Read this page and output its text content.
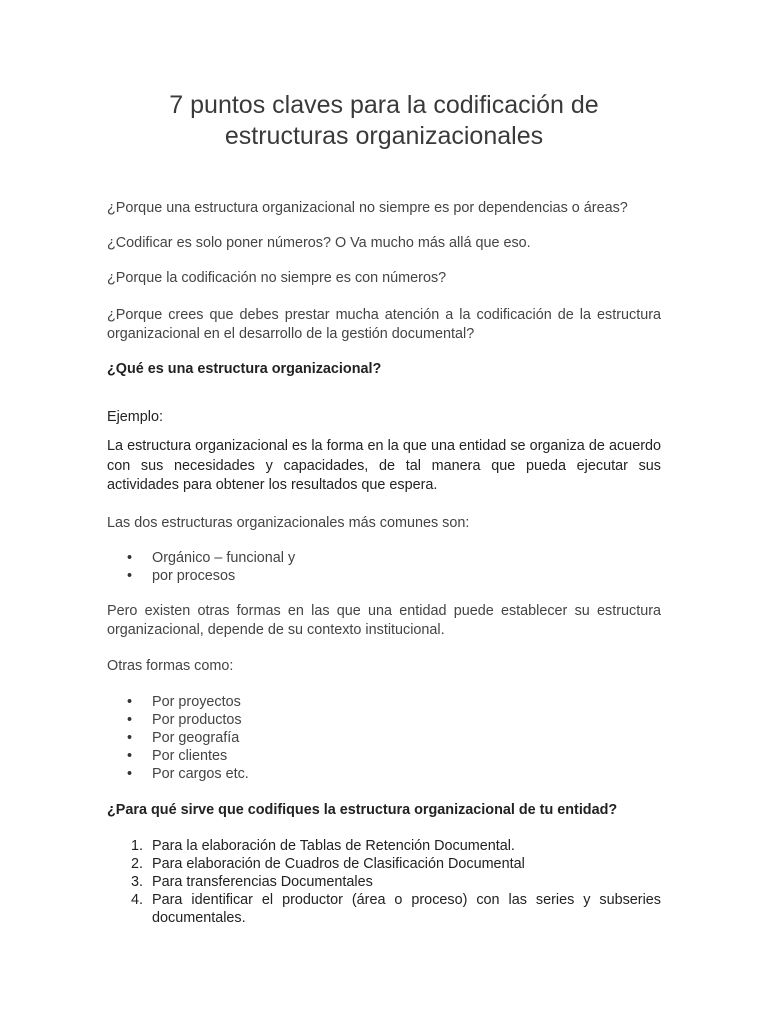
7 puntos claves para la codificación de
estructuras organizacionales

¿Porque una estructura organizacional no siempre es por dependencias o áreas?

¿Codificar es solo poner números? O Va mucho más allá que eso.

¿Porque la codificación no siempre es con números?

¿Porque crees que debes prestar mucha atención a la codificación de la estructura organizacional en el desarrollo de la gestión documental?

¿Qué es una estructura organizacional?

Ejemplo:

La estructura organizacional es la forma en la que una entidad se organiza de acuerdo con sus necesidades y capacidades, de tal manera que pueda ejecutar sus actividades para obtener los resultados que espera.

Las dos estructuras organizacionales más comunes son:

• Orgánico – funcional y
• por procesos

Pero existen otras formas en las que una entidad puede establecer su estructura organizacional, depende de su contexto institucional.

Otras formas como:

• Por proyectos
• Por productos
• Por geografía
• Por clientes
• Por cargos etc.

¿Para qué sirve que codifiques la estructura organizacional de tu entidad?

1. Para la elaboración de Tablas de Retención Documental.
2. Para elaboración de Cuadros de Clasificación Documental
3. Para transferencias Documentales
4. Para identificar el productor (área o proceso) con las series y subseries documentales.
